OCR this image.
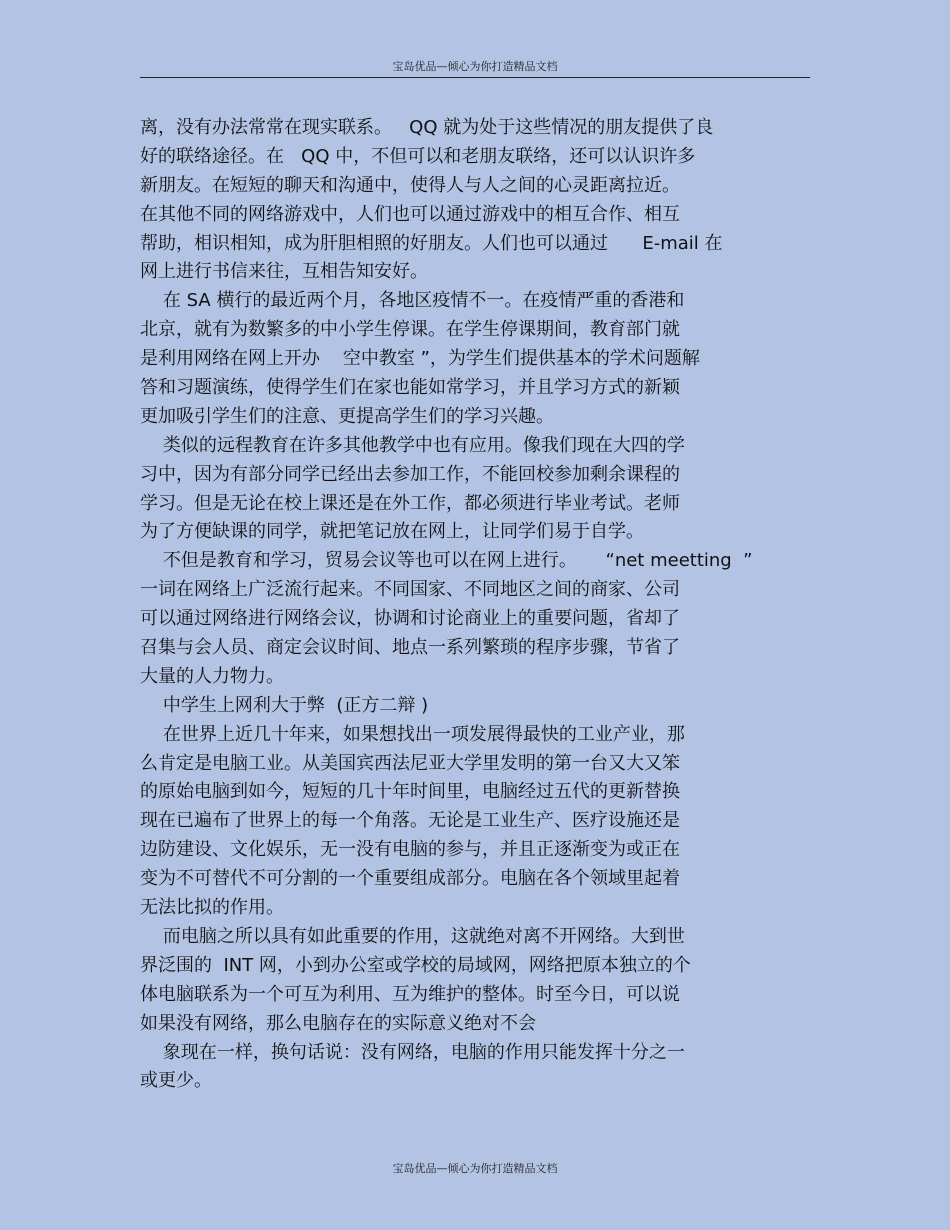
宝岛优品—倾心为你打造精品文档
离，没有办法常常在现实联系。   QQ 就为处于这些情况的朋友提供了良
好的联络途径。在   QQ 中，不但可以和老朋友联络，还可以认识许多
新朋友。在短短的聊天和沟通中，使得人与人之间的心灵距离拉近。
在其他不同的网络游戏中，人们也可以通过游戏中的相互合作、相互
帮助，相识相知，成为肝胆相照的好朋友。人们也可以通过      E-mail 在
网上进行书信来往，互相告知安好。
在 SA 横行的最近两个月，各地区疫情不一。在疫情严重的香港和
北京，就有为数繁多的中小学生停课。在学生停课期间，教育部门就
是利用网络在网上开办    空中教室 ”，为学生们提供基本的学术问题解
答和习题演练，使得学生们在家也能如常学习，并且学习方式的新颖
更加吸引学生们的注意、更提高学生们的学习兴趣。
类似的远程教育在许多其他教学中也有应用。像我们现在大四的学
习中，因为有部分同学已经出去参加工作，不能回校参加剩余课程的
学习。但是无论在校上课还是在外工作，都必须进行毕业考试。老师
为了方便缺课的同学，就把笔记放在网上，让同学们易于自学。
不但是教育和学习，贸易会议等也可以在网上进行。     “net meetting  ”
一词在网络上广泛流行起来。不同国家、不同地区之间的商家、公司
可以通过网络进行网络会议，协调和讨论商业上的重要问题，省却了
召集与会人员、商定会议时间、地点一系列繁琐的程序步骤，节省了
大量的人力物力。
中学生上网利大于弊  (正方二辩 )
在世界上近几十年来，如果想找出一项发展得最快的工业产业，那
么肯定是电脑工业。从美国宾西法尼亚大学里发明的第一台又大又笨
的原始电脑到如今，短短的几十年时间里，电脑经过五代的更新替换
现在已遍布了世界上的每一个角落。无论是工业生产、医疗设施还是
边防建设、文化娱乐，无一没有电脑的参与，并且正逐渐变为或正在
变为不可替代不可分割的一个重要组成部分。电脑在各个领域里起着
无法比拟的作用。
而电脑之所以具有如此重要的作用，这就绝对离不开网络。大到世
界泛围的  INT 网，小到办公室或学校的局域网，网络把原本独立的个
体电脑联系为一个可互为利用、互为维护的整体。时至今日，可以说
如果没有网络，那么电脑存在的实际意义绝对不会
象现在一样，换句话说：没有网络，电脑的作用只能发挥十分之一
或更少。
宝岛优品—倾心为你打造精品文档
